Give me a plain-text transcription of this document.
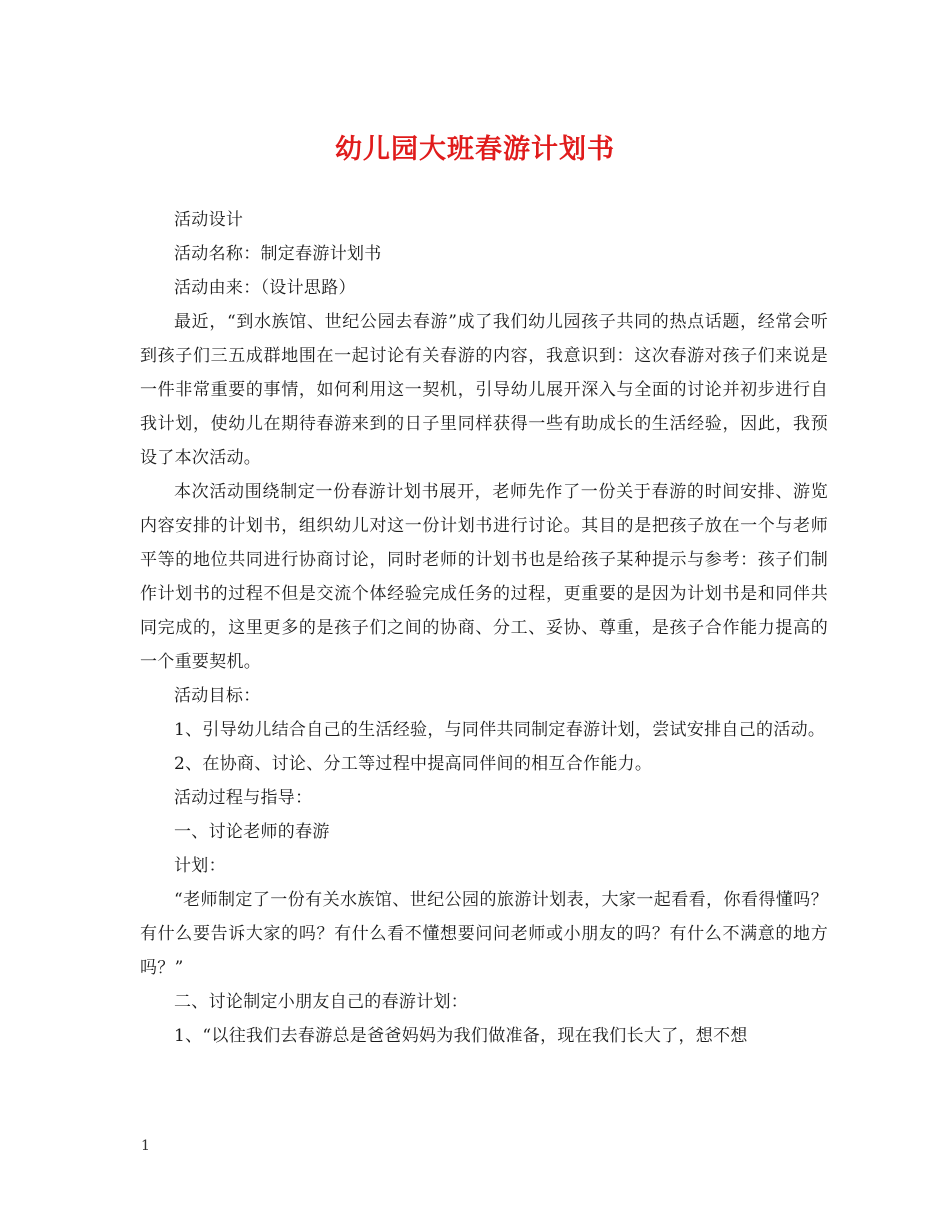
幼儿园大班春游计划书

活动设计

活动名称：制定春游计划书

活动由来：（设计思路）

最近，“到水族馆、世纪公园去春游”成了我们幼儿园孩子共同的热点话题，经常会听到孩子们三五成群地围在一起讨论有关春游的内容，我意识到：这次春游对孩子们来说是一件非常重要的事情，如何利用这一契机，引导幼儿展开深入与全面的讨论并初步进行自我计划，使幼儿在期待春游来到的日子里同样获得一些有助成长的生活经验，因此，我预设了本次活动。

本次活动围绕制定一份春游计划书展开，老师先作了一份关于春游的时间安排、游览内容安排的计划书，组织幼儿对这一份计划书进行讨论。其目的是把孩子放在一个与老师平等的地位共同进行协商讨论，同时老师的计划书也是给孩子某种提示与参考：孩子们制作计划书的过程不但是交流个体经验完成任务的过程，更重要的是因为计划书是和同伴共同完成的，这里更多的是孩子们之间的协商、分工、妥协、尊重，是孩子合作能力提高的一个重要契机。

活动目标：

1、引导幼儿结合自己的生活经验，与同伴共同制定春游计划，尝试安排自己的活动。

2、在协商、讨论、分工等过程中提高同伴间的相互合作能力。

活动过程与指导：

一、讨论老师的春游

计划：

“老师制定了一份有关水族馆、世纪公园的旅游计划表，大家一起看看，你看得懂吗？有什么要告诉大家的吗？有什么看不懂想要问问老师或小朋友的吗？有什么不满意的地方吗？”

二、讨论制定小朋友自己的春游计划：

1、“以往我们去春游总是爸爸妈妈为我们做准备，现在我们长大了，想不想

1
